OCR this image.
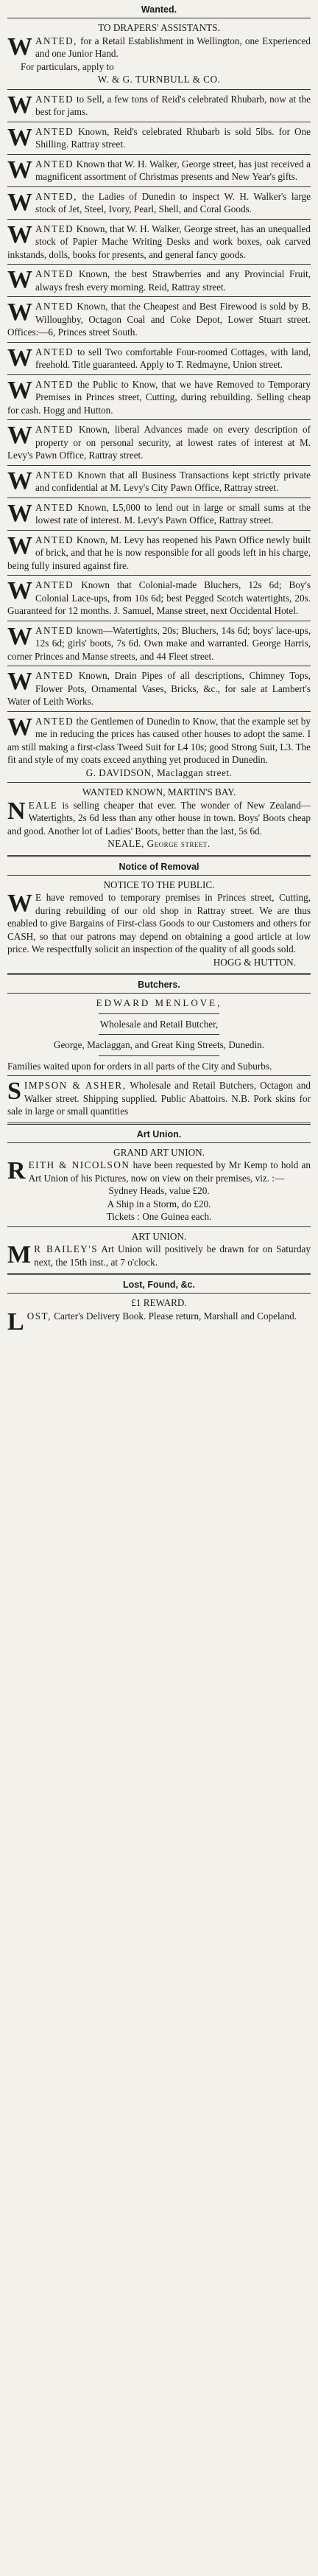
Wanted.

TO DRAPERS' ASSISTANTS.

WANTED, for a Retail Establishment in Wellington, one Experienced and one Junior Hand.

For particulars, apply to

W. & G. TURNBULL & CO.

WANTED to Sell, a few tons of Reid's celebrated Rhubarb, now at the best for jams.

WANTED Known, Reid's celebrated Rhubarb is sold 5lbs. for One Shilling. Rattray street.

WANTED Known that W. H. Walker, George street, has just received a magnificent assortment of Christmas presents and New Year's gifts.

WANTED, the Ladies of Dunedin to inspect W. H. Walker's large stock of Jet, Steel, Ivory, Pearl, Shell, and Coral Goods.

WANTED Known, that W. H. Walker, George street, has an unequalled stock of Papier Mache Writing Desks and work boxes, oak carved inkstands, dolls, books for presents, and general fancy goods.

WANTED Known, the best Strawberries and any Provincial Fruit, always fresh every morning. Reid, Rattray street.

WANTED Known, that the Cheapest and Best Firewood is sold by B. Willoughby, Octagon Coal and Coke Depot, Lower Stuart street. Offices:—6, Princes street South.

WANTED to sell Two comfortable Four-roomed Cottages, with land, freehold. Title guaranteed. Apply to T. Redmayne, Union street.

WANTED the Public to Know, that we have Removed to Temporary Premises in Princes street, Cutting, during rebuilding. Selling cheap for cash. Hogg and Hutton.

WANTED Known, liberal Advances made on every description of property or on personal security, at lowest rates of interest at M. Levy's Pawn Office, Rattray street.

WANTED Known that all Business Transactions kept strictly private and confidential at M. Levy's City Pawn Office, Rattray street.

WANTED Known, L5,000 to lend out in large or small sums at the lowest rate of interest. M. Levy's Pawn Office, Rattray street.

WANTED Known, M. Levy has reopened his Pawn Office newly built of brick, and that he is now responsible for all goods left in his charge, being fully insured against fire.

WANTED Known that Colonial-made Bluchers, 12s 6d; Boy's Colonial Lace-ups, from 10s 6d; best Pegged Scotch watertights, 20s. Guaranteed for 12 months. J. Samuel, Manse street, next Occidental Hotel.

WANTED known—Watertights, 20s; Bluchers, 14s 6d; boys' lace-ups, 12s 6d; girls' boots, 7s 6d. Own make and warranted. George Harris, corner Princes and Manse streets, and 44 Fleet street.

WANTED Known, Drain Pipes of all descriptions, Chimney Tops, Flower Pots, Ornamental Vases, Bricks, &c., for sale at Lambert's Water of Leith Works.

WANTED the Gentlemen of Dunedin to Know, that the example set by me in reducing the prices has caused other houses to adopt the same. I am still making a first-class Tweed Suit for L4 10s; good Strong Suit, L3. The fit and style of my coats exceed anything yet produced in Dunedin.

G. DAVIDSON, Maclaggan street.

WANTED KNOWN, MARTIN'S BAY.

NEALE is selling cheaper that ever. The wonder of New Zealand—Watertights, 2s 6d less than any other house in town. Boys' Boots cheap and good. Another lot of Ladies' Boots, better than the last, 5s 6d.

NEALE, George street.

Notice of Removal

NOTICE TO THE PUBLIC.

W E have removed to temporary premises in Princes street, Cutting, during rebuilding of our old shop in Rattray street. We are thus enabled to give Bargains of First-class Goods to our Customers and others for CASH, so that our patrons may depend on obtaining a good article at low price. We respectfully solicit an inspection of the quality of all goods sold.

HOGG & HUTTON.

Butchers.

EDWARD MENLOVE,

Wholesale and Retail Butcher,

George, Maclaggan, and Great King Streets, Dunedin.

Families waited upon for orders in all parts of the City and Suburbs.

SIMPSON & ASHER, Wholesale and Retail Butchers, Octagon and Walker street. Shipping supplied. Public Abattoirs. N.B. Pork skins for sale in large or small quantities

Art Union.

GRAND ART UNION.

REITH & NICOLSON have been requested by Mr Kemp to hold an Art Union of his Pictures, now on view on their premises, viz. :—

Sydney Heads, value £20.

A Ship in a Storm, do £20.

Tickets : One Guinea each.

ART UNION.

M R BAILEY'S Art Union will positively be drawn for on Saturday next, the 15th inst., at 7 o'clock.

Lost, Found, &c.

£1 REWARD.

LOST, Carter's Delivery Book. Please return, Marshall and Copeland.
